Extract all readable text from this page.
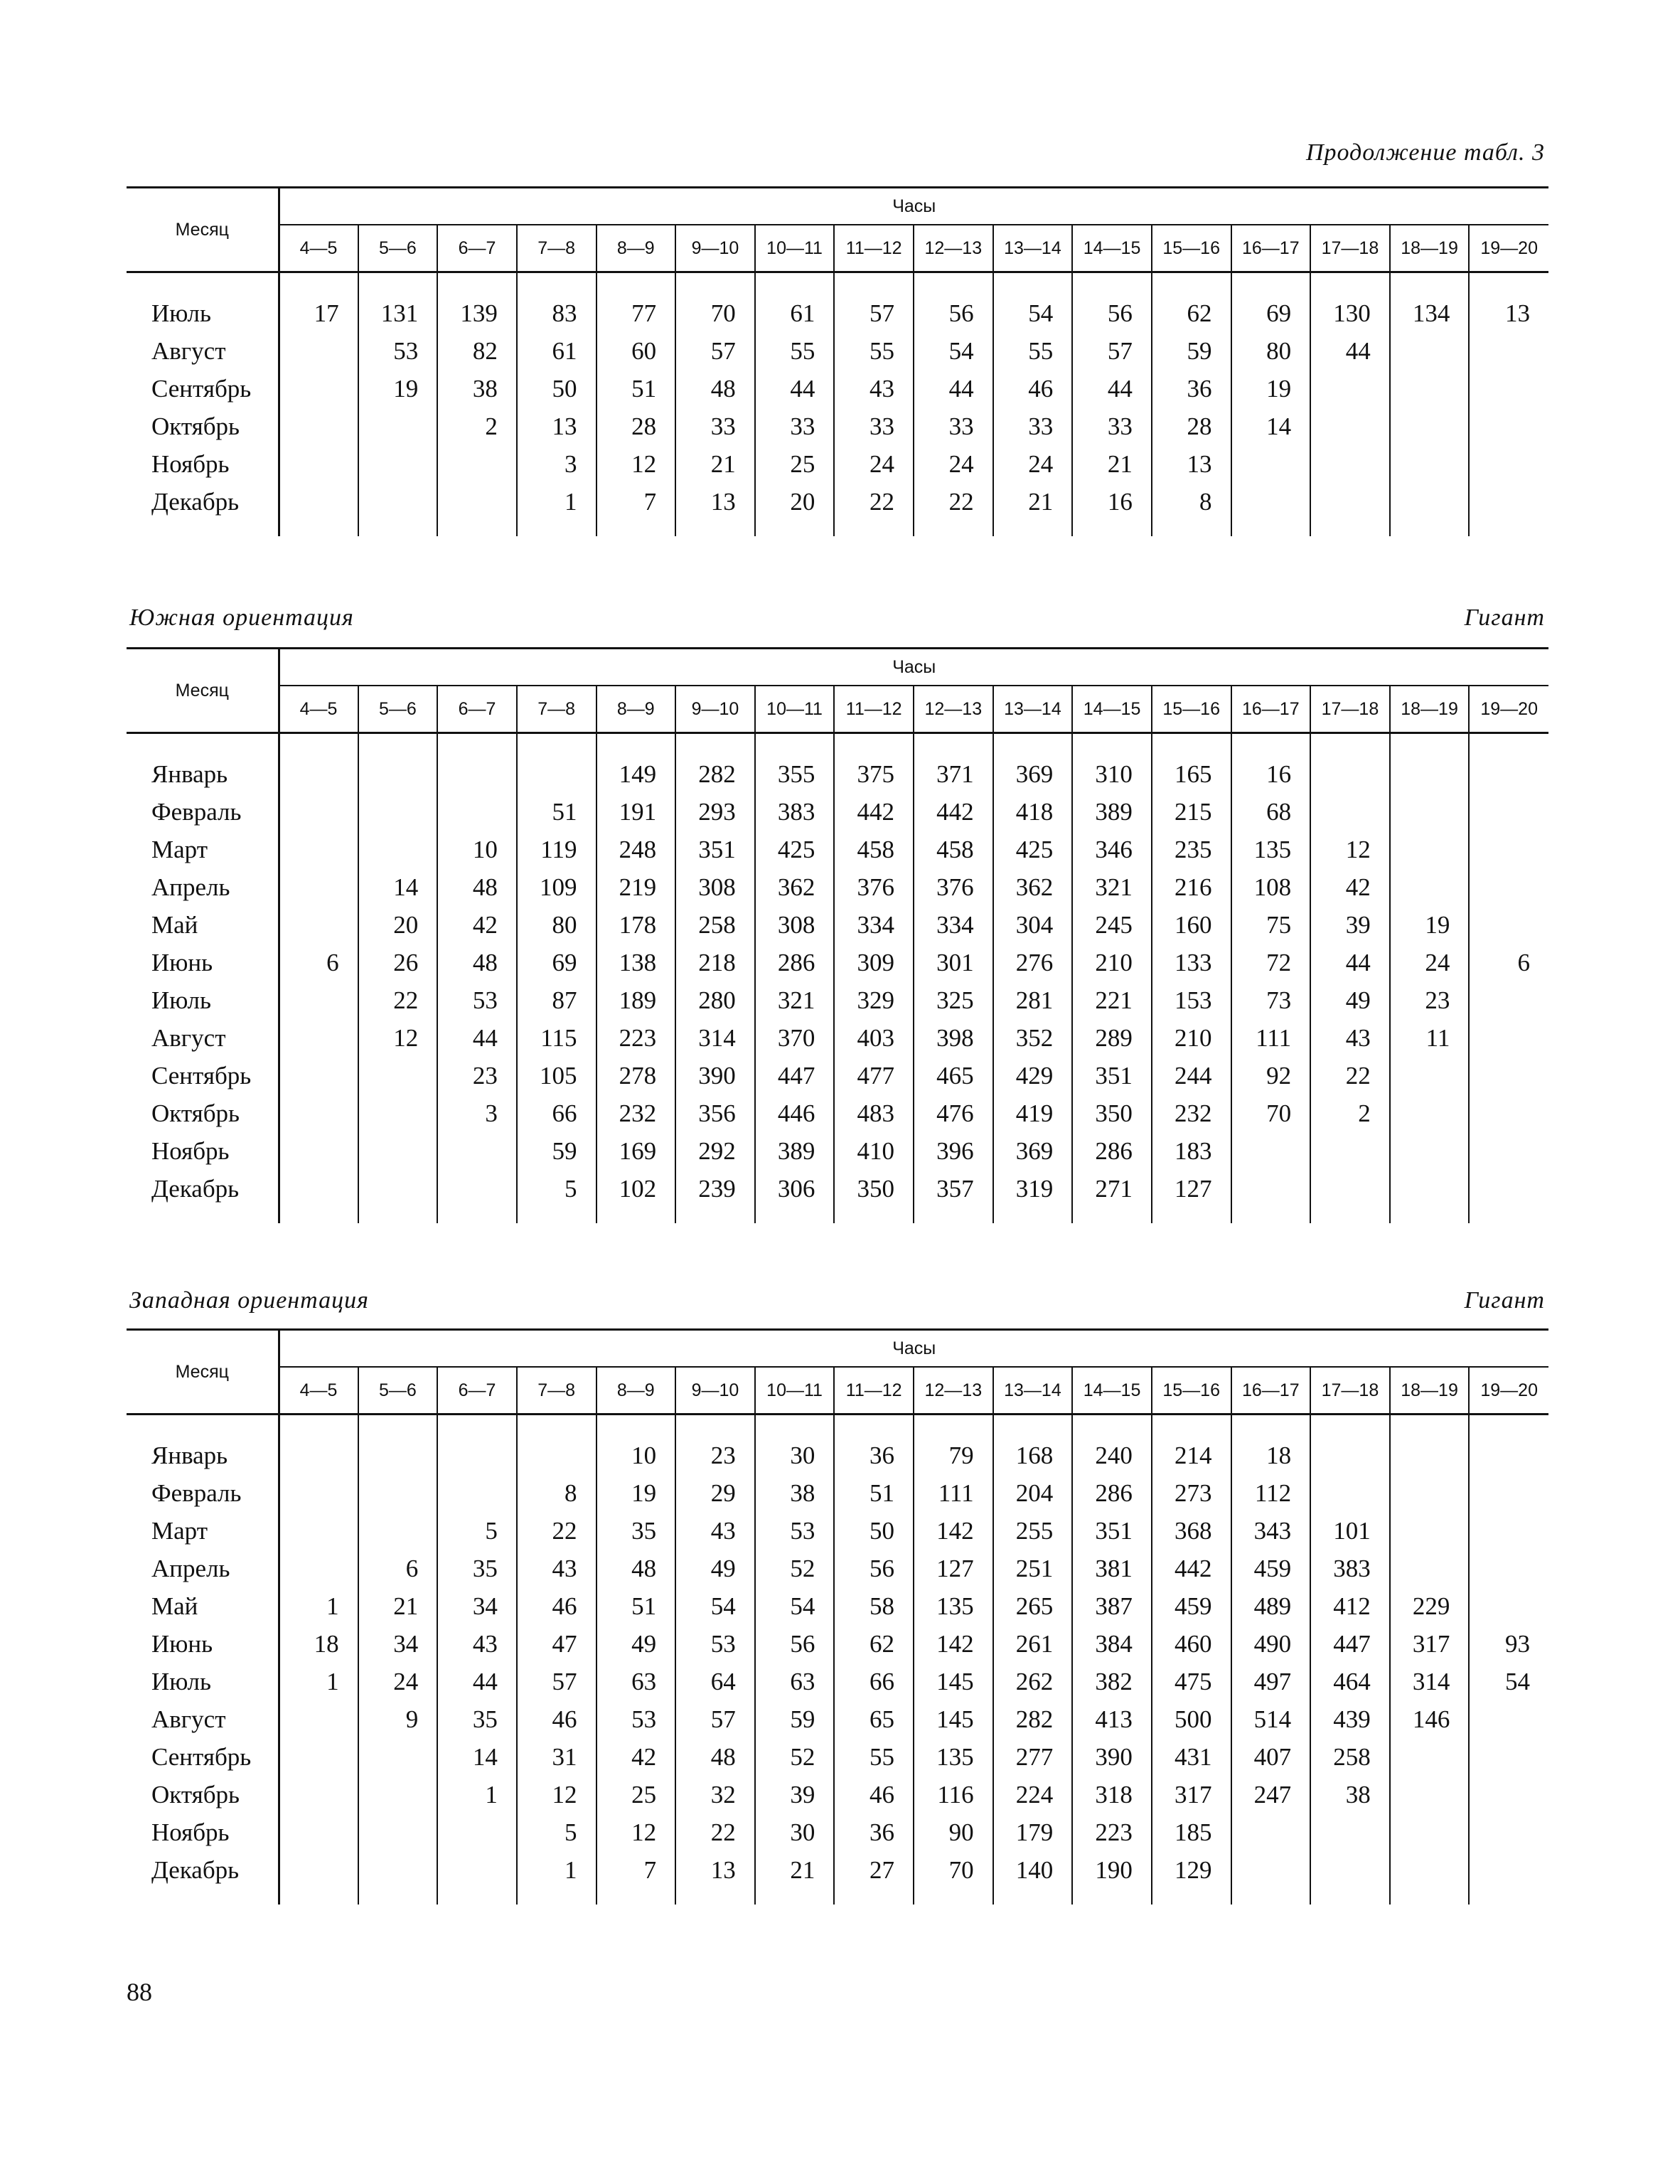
Продолжение табл. 3
Месяц	Часы															
	4—5	5—6	6—7	7—8	8—9	9—10	10—11	11—12	12—13	13—14	14—15	15—16	16—17	17—18	18—19	19—20

Июль	17	131	139	83	77	70	61	57	56	54	56	62	69	130	134	13
Август		53	82	61	60	57	55	55	54	55	57	59	80	44		
Сентябрь		19	38	50	51	48	44	43	44	46	44	36	19			
Октябрь			2	13	28	33	33	33	33	33	33	28	14			
Ноябрь				3	12	21	25	24	24	24	21	13				
Декабрь				1	7	13	20	22	22	21	16	8				

Южная ориентация	Гигант
Месяц	Часы															
	4—5	5—6	6—7	7—8	8—9	9—10	10—11	11—12	12—13	13—14	14—15	15—16	16—17	17—18	18—19	19—20

Январь					149	282	355	375	371	369	310	165	16			
Февраль				51	191	293	383	442	442	418	389	215	68			
Март			10	119	248	351	425	458	458	425	346	235	135	12		
Апрель		14	48	109	219	308	362	376	376	362	321	216	108	42		
Май		20	42	80	178	258	308	334	334	304	245	160	75	39	19	
Июнь	6	26	48	69	138	218	286	309	301	276	210	133	72	44	24	6
Июль		22	53	87	189	280	321	329	325	281	221	153	73	49	23	
Август		12	44	115	223	314	370	403	398	352	289	210	111	43	11	
Сентябрь			23	105	278	390	447	477	465	429	351	244	92	22		
Октябрь			3	66	232	356	446	483	476	419	350	232	70	2		
Ноябрь				59	169	292	389	410	396	369	286	183				
Декабрь				5	102	239	306	350	357	319	271	127				

Западная ориентация	Гигант
Месяц	Часы															
	4—5	5—6	6—7	7—8	8—9	9—10	10—11	11—12	12—13	13—14	14—15	15—16	16—17	17—18	18—19	19—20

Январь					10	23	30	36	79	168	240	214	18			
Февраль				8	19	29	38	51	111	204	286	273	112			
Март			5	22	35	43	53	50	142	255	351	368	343	101		
Апрель		6	35	43	48	49	52	56	127	251	381	442	459	383		
Май	1	21	34	46	51	54	54	58	135	265	387	459	489	412	229	
Июнь	18	34	43	47	49	53	56	62	142	261	384	460	490	447	317	93
Июль	1	24	44	57	63	64	63	66	145	262	382	475	497	464	314	54
Август		9	35	46	53	57	59	65	145	282	413	500	514	439	146	
Сентябрь			14	31	42	48	52	55	135	277	390	431	407	258		
Октябрь			1	12	25	32	39	46	116	224	318	317	247	38		
Ноябрь				5	12	22	30	36	90	179	223	185				
Декабрь				1	7	13	21	27	70	140	190	129				

88
